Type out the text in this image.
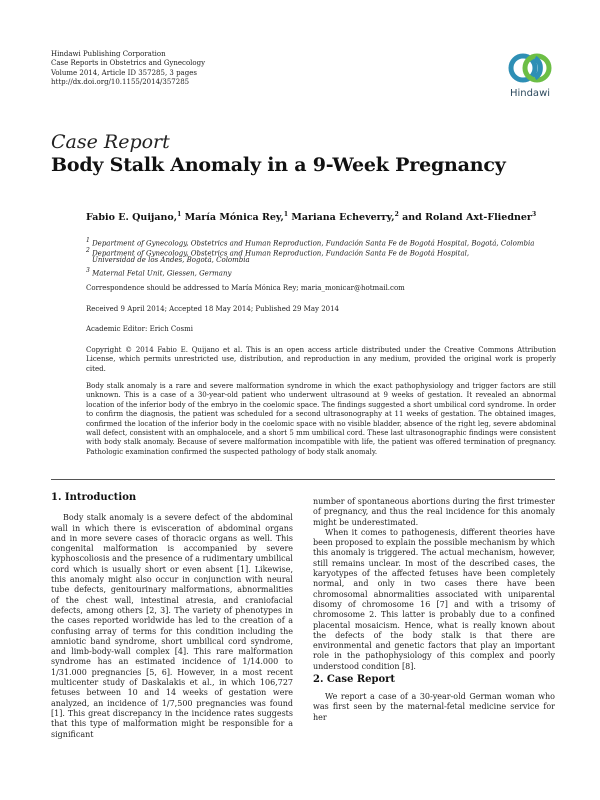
Hindawi Publishing Corporation
Case Reports in Obstetrics and Gynecology
Volume 2014, Article ID 357285, 3 pages
http://dx.doi.org/10.1155/2014/357285
Hindawi
Case Report
Body Stalk Anomaly in a 9-Week Pregnancy
Fabio E. Quijano,$^1$ María Mónica Rey,$^1$ Mariana Echeverry,$^2$ and Roland Axt-Fliedner$^3$
$^1$ Department of Gynecology, Obstetrics and Human Reproduction, Fundación Santa Fe de Bogotá Hospital, Bogotá, Colombia
$^2$ Department of Gynecology, Obstetrics and Human Reproduction, Fundación Santa Fe de Bogotá Hospital,
Universidad de los Andes, Bogotá, Colombia
$^3$ Maternal Fetal Unit, Giessen, Germany
Correspondence should be addressed to María Mónica Rey; maria_monicar@hotmail.com
Received 9 April 2014; Accepted 18 May 2014; Published 29 May 2014
Academic Editor: Erich Cosmi
Copyright © 2014 Fabio E. Quijano et al. This is an open access article distributed under the Creative Commons Attribution License, which permits unrestricted use, distribution, and reproduction in any medium, provided the original work is properly cited.
Body stalk anomaly is a rare and severe malformation syndrome in which the exact pathophysiology and trigger factors are still unknown. This is a case of a 30-year-old patient who underwent ultrasound at 9 weeks of gestation. It revealed an abnormal location of the inferior body of the embryo in the coelomic space. The findings suggested a short umbilical cord syndrome. In order to confirm the diagnosis, the patient was scheduled for a second ultrasonography at 11 weeks of gestation. The obtained images, confirmed the location of the inferior body in the coelomic space with no visible bladder, absence of the right leg, severe abdominal wall defect, consistent with an omphalocele, and a short 5 mm umbilical cord. These last ultrasonographic findings were consistent with body stalk anomaly. Because of severe malformation incompatible with life, the patient was offered termination of pregnancy. Pathologic examination confirmed the suspected pathology of body stalk anomaly.
1. Introduction

Body stalk anomaly is a severe defect of the abdominal wall in which there is evisceration of abdominal organs and in more severe cases of thoracic organs as well. This congenital malformation is accompanied by severe kyphoscoliosis and the presence of a rudimentary umbilical cord which is usually short or even absent [1]. Likewise, this anomaly might also occur in conjunction with neural tube defects, genitourinary malformations, abnormalities of the chest wall, intestinal atresia, and craniofacial defects, among others [2, 3]. The variety of phenotypes in the cases reported worldwide has led to the creation of a confusing array of terms for this condition including the amniotic band syndrome, short umbilical cord syndrome, and limb-body-wall complex [4]. This rare malformation syndrome has an estimated incidence of 1/14.000 to 1/31.000 pregnancies [5, 6]. However, in a most recent multicenter study of Daskalakis et al., in which 106,727 fetuses between 10 and 14 weeks of gestation were analyzed, an incidence of 1/7,500 pregnancies was found [1]. This great discrepancy in the incidence rates suggests that this type of malformation might be responsible for a significant

number of spontaneous abortions during the first trimester of pregnancy, and thus the real incidence for this anomaly might be underestimated.

When it comes to pathogenesis, different theories have been proposed to explain the possible mechanism by which this anomaly is triggered. The actual mechanism, however, still remains unclear. In most of the described cases, the karyotypes of the affected fetuses have been completely normal, and only in two cases there have been chromosomal abnormalities associated with uniparental disomy of chromosome 16 [7] and with a trisomy of chromosome 2. This latter is probably due to a confined placental mosaicism. Hence, what is really known about the defects of the body stalk is that there are environmental and genetic factors that play an important role in the pathophysiology of this complex and poorly understood condition [8].

2. Case Report

We report a case of a 30-year-old German woman who was first seen by the maternal-fetal medicine service for her
